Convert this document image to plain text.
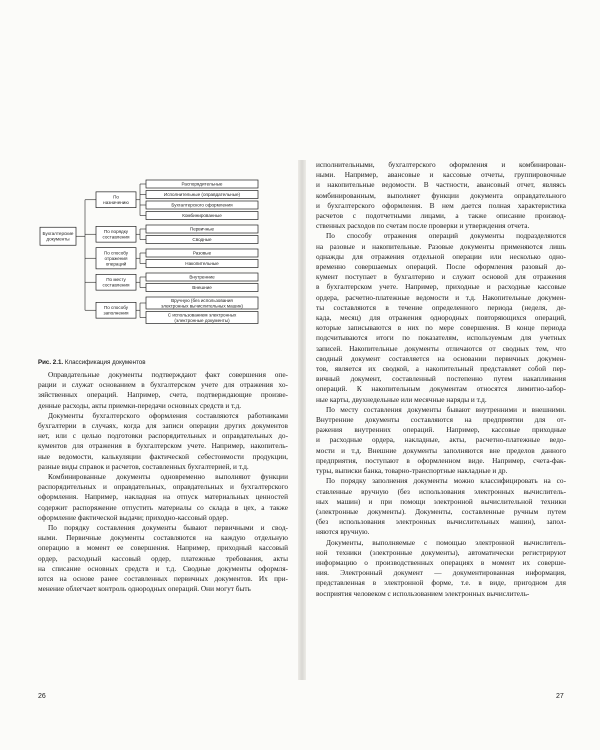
По
назначению
Распорядительные
Исполнительные (оправдательные)
Бухгалтерского оформления
Комбинированные
По порядку
составления
Первичные
Сводные
По способу
отражения
операций
Разовые
Накопительные
По месту
составления
Внутренние
Внешние
По способу
заполнения
Вручную (без использования
электронных вычислительных машин)
С использованием электронных
(электронные документы)
Бухгалтерские
документы
Рис. 2.1. Классификация документов

Оправдательные документы подтверждают факт совершения опе-
рации и служат основанием в бухгалтерском учете для отражения хо-
зяйственных операций. Например, счета, подтверждающие произве-
денные расходы, акты приемки-передачи основных средств и т.д.

Документы бухгалтерского оформления составляются работниками
бухгалтерии в случаях, когда для записи операции других документов
нет, или с целью подготовки распорядительных и оправдательных до-
кументов для отражения в бухгалтерском учете. Например, накопитель-
ные ведомости, калькуляции фактической себестоимости продукции,
разные виды справок и расчетов, составленных бухгалтерией, и т.д.

Комбинированные документы одновременно выполняют функции
распорядительных и оправдательных, оправдательных и бухгалтерского
оформления. Например, накладная на отпуск материальных ценностей
содержит распоряжение отпустить материалы со склада в цех, а также
оформление фактической выдачи; приходно-кассовый ордер.

По порядку составления документы бывают первичными и свод-
ными. Первичные документы составляются на каждую отдельную
операцию в момент ее совершения. Например, приходный кассовый
ордер, расходный кассовый ордер, платежные требования, акты
на списание основных средств и т.д. Сводные документы оформля-
ются на основе ранее составленных первичных документов. Их при-
менение облегчает контроль однородных операций. Они могут быть

исполнительными, бухгалтерского оформления и комбинирован-
ными. Например, авансовые и кассовые отчеты, группировочные
и накопительные ведомости. В частности, авансовый отчет, являясь
комбинированным, выполняет функции документа оправдательного
и бухгалтерского оформления. В нем дается полная характеристика
расчетов с подотчетными лицами, а также описание производ-
ственных расходов по счетам после проверки и утверждения отчета.

По способу отражения операций документы подразделяются
на разовые и накопительные. Разовые документы применяются лишь
однажды для отражения отдельной операции или несколько одно-
временно совершаемых операций. После оформления разовый до-
кумент поступает в бухгалтерию и служит основой для отражения
в бухгалтерском учете. Например, приходные и расходные кассовые
ордера, расчетно-платежные ведомости и т.д. Накопительные докумен-
ты составляются в течение определенного периода (неделя, де-
када, месяц) для отражения однородных повторяющихся операций,
которые записываются в них по мере совершения. В конце периода
подсчитываются итоги по показателям, используемым для учетных
записей. Накопительные документы отличаются от сводных тем, что
сводный документ составляется на основании первичных докумен-
тов, является их сводкой, а накопительный представляет собой пер-
вичный документ, составленный постепенно путем накапливания
операций. К накопительным документам относятся лимитно-забор-
ные карты, двухнедельные или месячные наряды и т.д.

По месту составления документы бывают внутренними и внешними.
Внутренние документы составляются на предприятии для от-
ражения внутренних операций. Например, кассовые приходные
и расходные ордера, накладные, акты, расчетно-платежные ведо-
мости и т.д. Внешние документы заполняются вне пределов данного
предприятия, поступают в оформленном виде. Например, счета-фак-
туры, выписки банка, товарно-транспортные накладные и др.

По порядку заполнения документы можно классифицировать на со-
ставленные вручную (без использования электронных вычислитель-
ных машин) и при помощи электронной вычислительной техники
(электронные документы). Документы, составленные ручным путем
(без использования электронных вычислительных машин), запол-
няются вручную.

Документы, выполняемые с помощью электронной вычислитель-
ной техники (электронные документы), автоматически регистрируют
информацию о производственных операциях в момент их соверше-
ния. Электронный документ — документированная информация,
представленная в электронной форме, т.е. в виде, пригодном для
восприятия человеком с использованием электронных вычислитель-

26	27
